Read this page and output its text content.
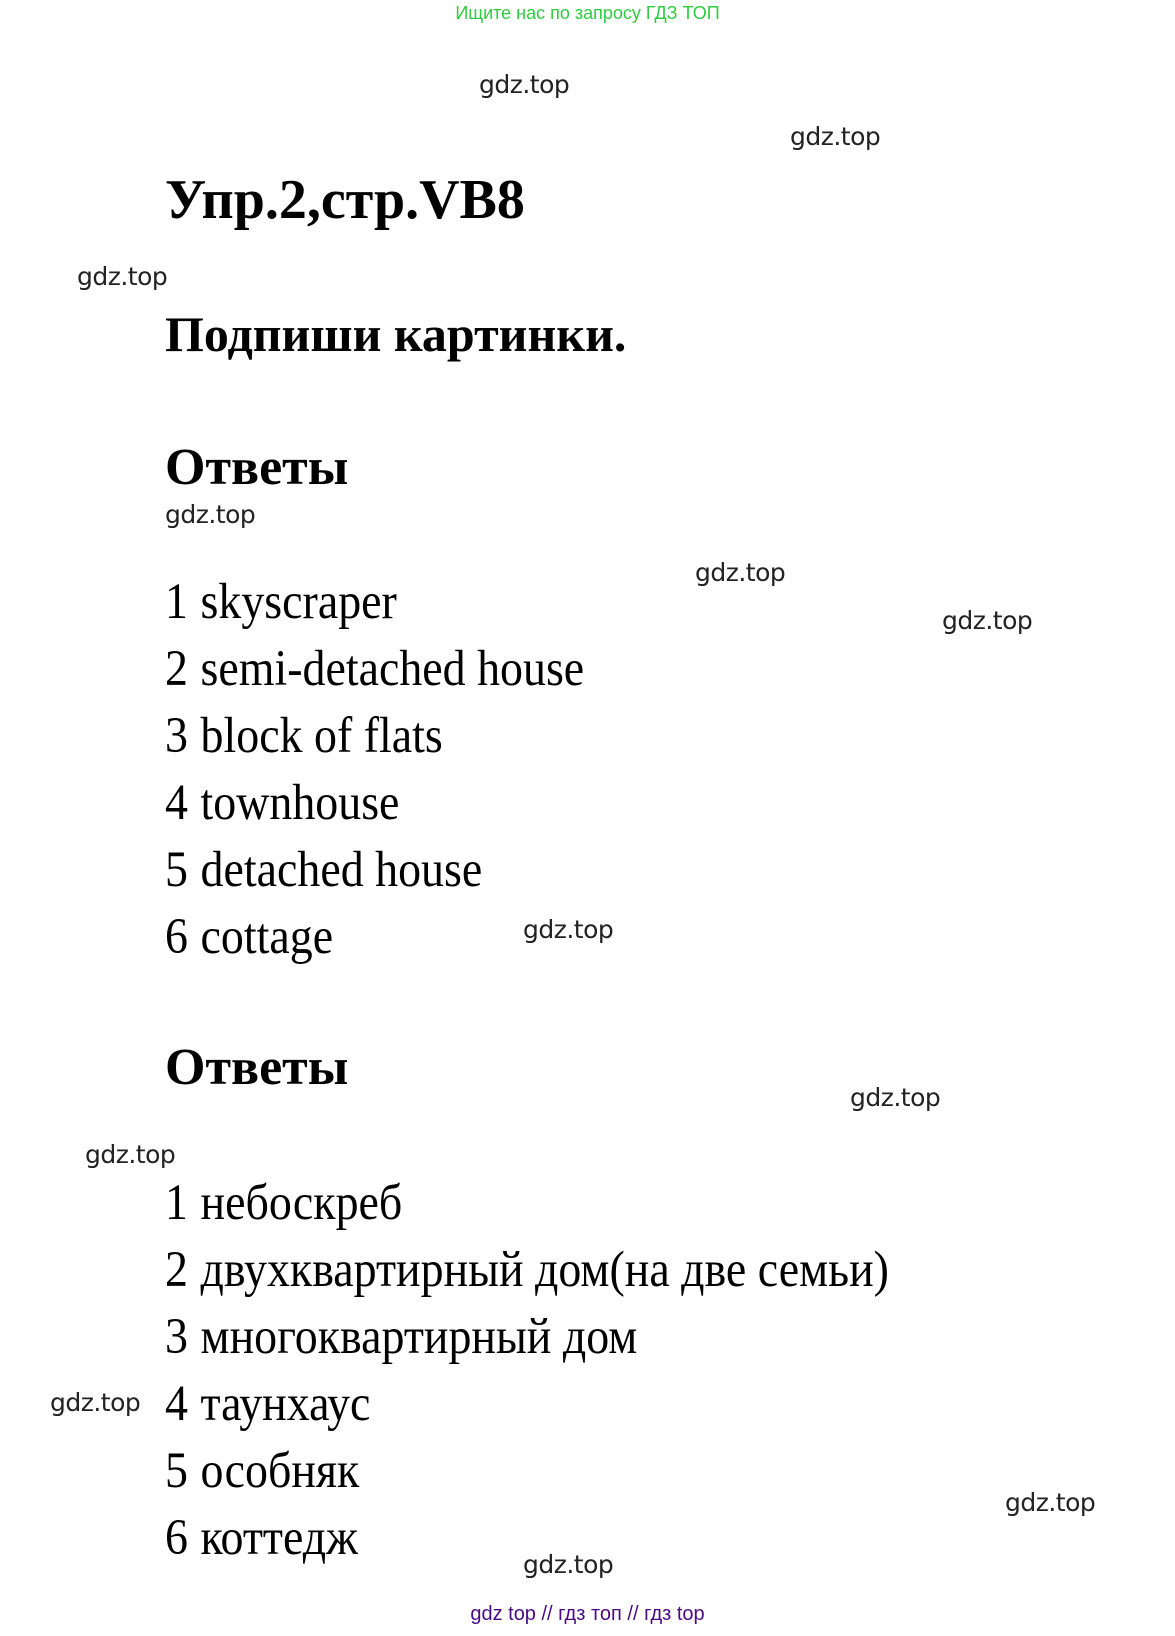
Ищите нас по запросу ГДЗ ТОП
gdz.top
gdz.top
gdz.top
gdz.top
gdz.top
gdz.top
gdz.top
gdz.top
gdz.top
gdz.top
gdz.top
gdz.top
Упр.2,стр.VB8
Подпиши картинки.
Ответы
1 skyscraper
2 semi-detached house
3 block of flats
4 townhouse
5 detached house
6 cottage
Ответы
1 небоскреб
2 двухквартирный дом(на две семьи)
3 многоквартирный дом
4 таунхаус
5 особняк
6 коттедж
gdz top // гдз топ // гдз top
